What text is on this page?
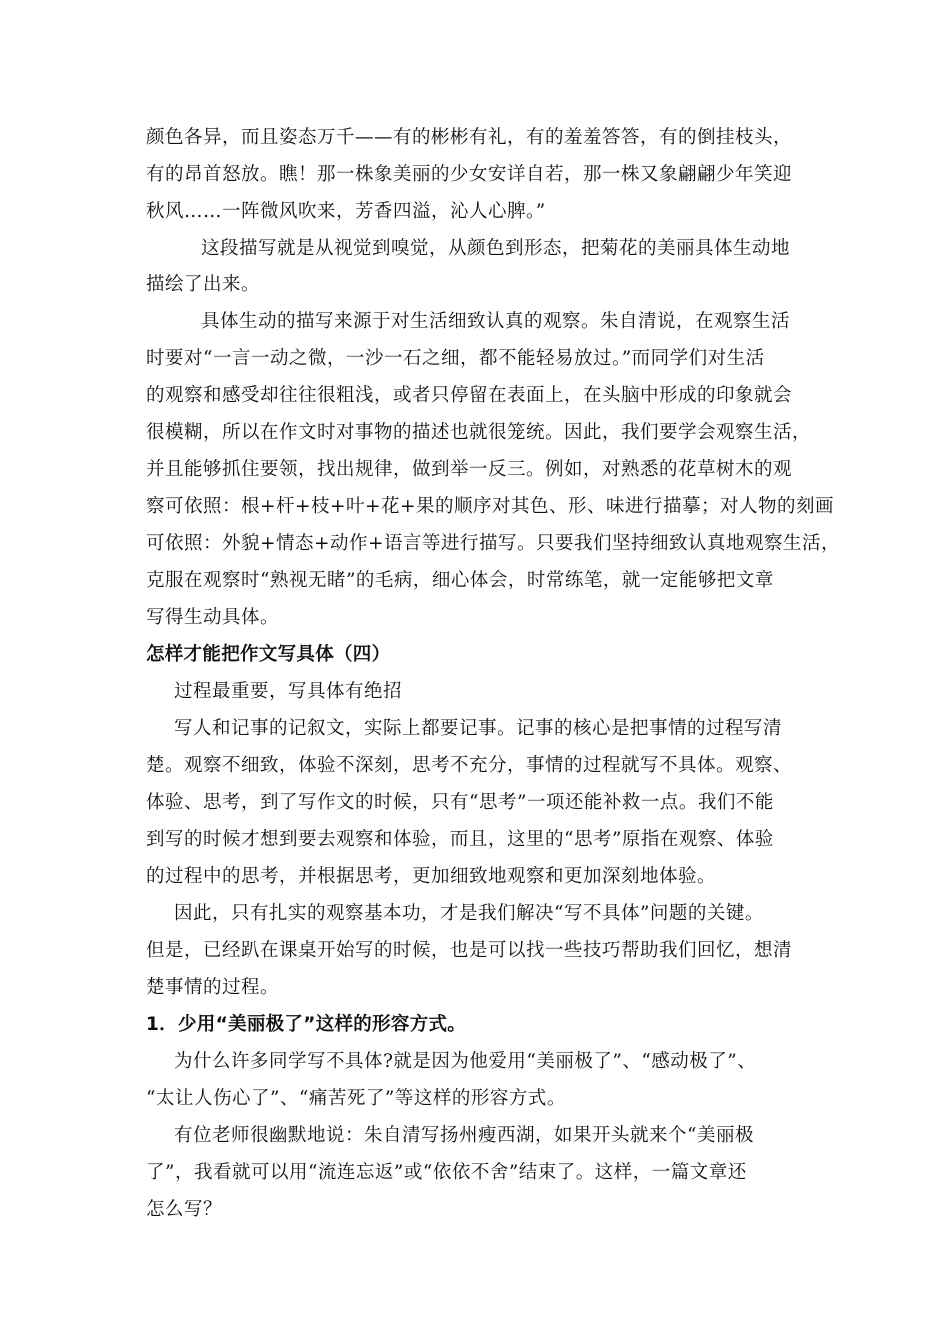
颜色各异，而且姿态万千——有的彬彬有礼，有的羞羞答答，有的倒挂枝头，
有的昂首怒放。瞧！那一株象美丽的少女安详自若，那一株又象翩翩少年笑迎
秋风……一阵微风吹来，芳香四溢，沁人心脾。”
这段描写就是从视觉到嗅觉，从颜色到形态，把菊花的美丽具体生动地
描绘了出来。
具体生动的描写来源于对生活细致认真的观察。朱自清说，在观察生活
时要对“一言一动之微，一沙一石之细，都不能轻易放过。”而同学们对生活
的观察和感受却往往很粗浅，或者只停留在表面上，在头脑中形成的印象就会
很模糊，所以在作文时对事物的描述也就很笼统。因此，我们要学会观察生活，
并且能够抓住要领，找出规律，做到举一反三。例如，对熟悉的花草树木的观
察可依照：根+杆+枝+叶+花+果的顺序对其色、形、味进行描摹；对人物的刻画
可依照：外貌+情态+动作+语言等进行描写。只要我们坚持细致认真地观察生活，
克服在观察时“熟视无睹”的毛病，细心体会，时常练笔，就一定能够把文章
写得生动具体。
怎样才能把作文写具体（四）
过程最重要，写具体有绝招
写人和记事的记叙文，实际上都要记事。记事的核心是把事情的过程写清
楚。观察不细致，体验不深刻，思考不充分，事情的过程就写不具体。观察、
体验、思考，到了写作文的时候，只有“思考”一项还能补救一点。我们不能
到写的时候才想到要去观察和体验，而且，这里的“思考”原指在观察、体验
的过程中的思考，并根据思考，更加细致地观察和更加深刻地体验。
因此，只有扎实的观察基本功，才是我们解决“写不具体”问题的关键。
但是，已经趴在课桌开始写的时候，也是可以找一些技巧帮助我们回忆，想清
楚事情的过程。
1．少用“美丽极了”这样的形容方式。
为什么许多同学写不具体?就是因为他爱用“美丽极了”、“感动极了”、
“太让人伤心了”、“痛苦死了”等这样的形容方式。
有位老师很幽默地说：朱自清写扬州瘦西湖，如果开头就来个“美丽极
了”，我看就可以用“流连忘返”或“依依不舍”结束了。这样，一篇文章还
怎么写？
